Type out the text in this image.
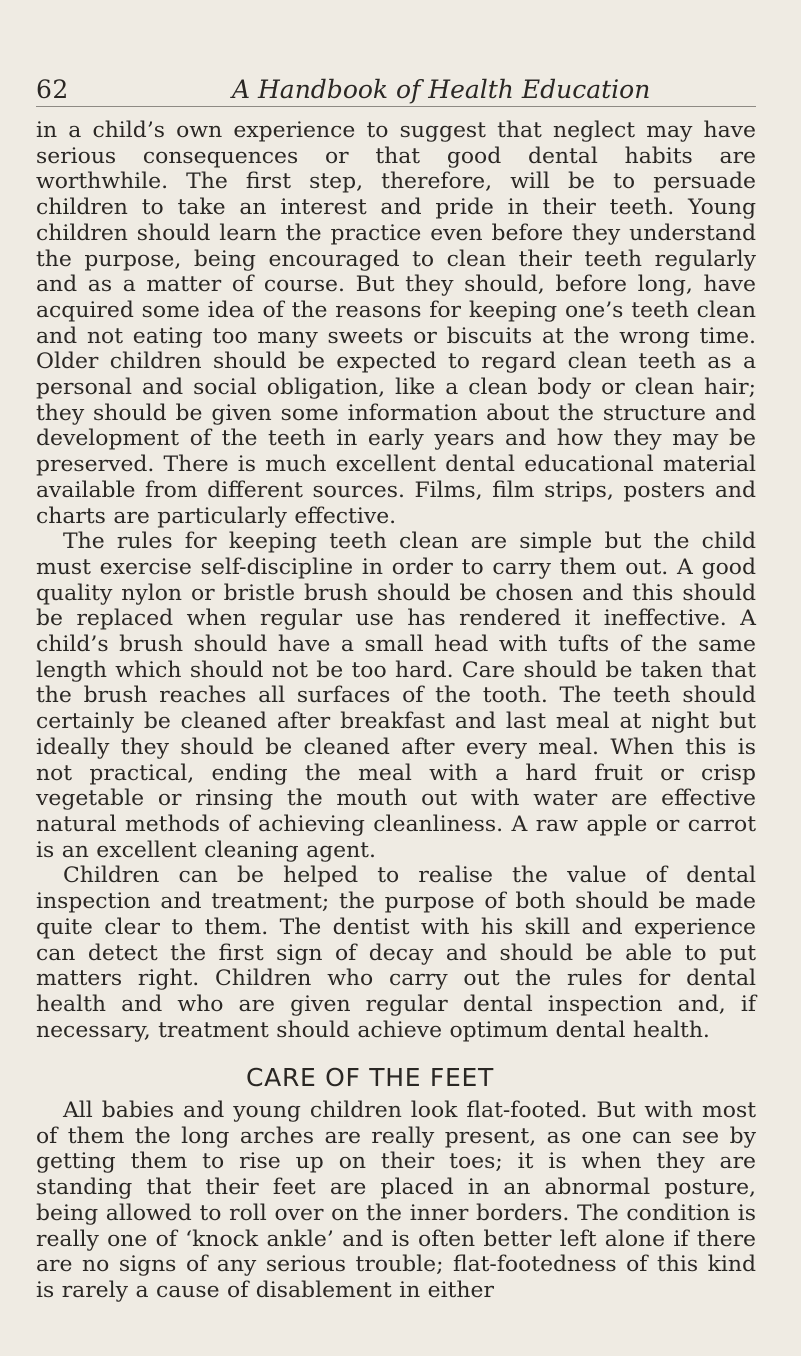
62	A Handbook of Health Education

in a child’s own experience to suggest that neglect may have serious consequences or that good dental habits are worthwhile. The first step, therefore, will be to persuade children to take an interest and pride in their teeth. Young children should learn the practice even before they understand the purpose, being encouraged to clean their teeth regularly and as a matter of course. But they should, before long, have acquired some idea of the reasons for keeping one’s teeth clean and not eating too many sweets or biscuits at the wrong time. Older children should be expected to regard clean teeth as a personal and social obligation, like a clean body or clean hair; they should be given some information about the structure and development of the teeth in early years and how they may be preserved. There is much excellent dental educational material available from different sources. Films, film strips, posters and charts are particularly effective.

The rules for keeping teeth clean are simple but the child must exercise self-discipline in order to carry them out. A good quality nylon or bristle brush should be chosen and this should be replaced when regular use has rendered it ineffective. A child’s brush should have a small head with tufts of the same length which should not be too hard. Care should be taken that the brush reaches all surfaces of the tooth. The teeth should certainly be cleaned after breakfast and last meal at night but ideally they should be cleaned after every meal. When this is not practical, ending the meal with a hard fruit or crisp vegetable or rinsing the mouth out with water are effective natural methods of achieving cleanliness. A raw apple or carrot is an excellent cleaning agent.

Children can be helped to realise the value of dental inspection and treatment; the purpose of both should be made quite clear to them. The dentist with his skill and experience can detect the first sign of decay and should be able to put matters right. Children who carry out the rules for dental health and who are given regular dental inspection and, if necessary, treatment should achieve optimum dental health.

CARE OF THE FEET

All babies and young children look flat-footed. But with most of them the long arches are really present, as one can see by getting them to rise up on their toes; it is when they are standing that their feet are placed in an abnormal posture, being allowed to roll over on the inner borders. The condition is really one of ‘knock ankle’ and is often better left alone if there are no signs of any serious trouble; flat-footedness of this kind is rarely a cause of disablement in either
